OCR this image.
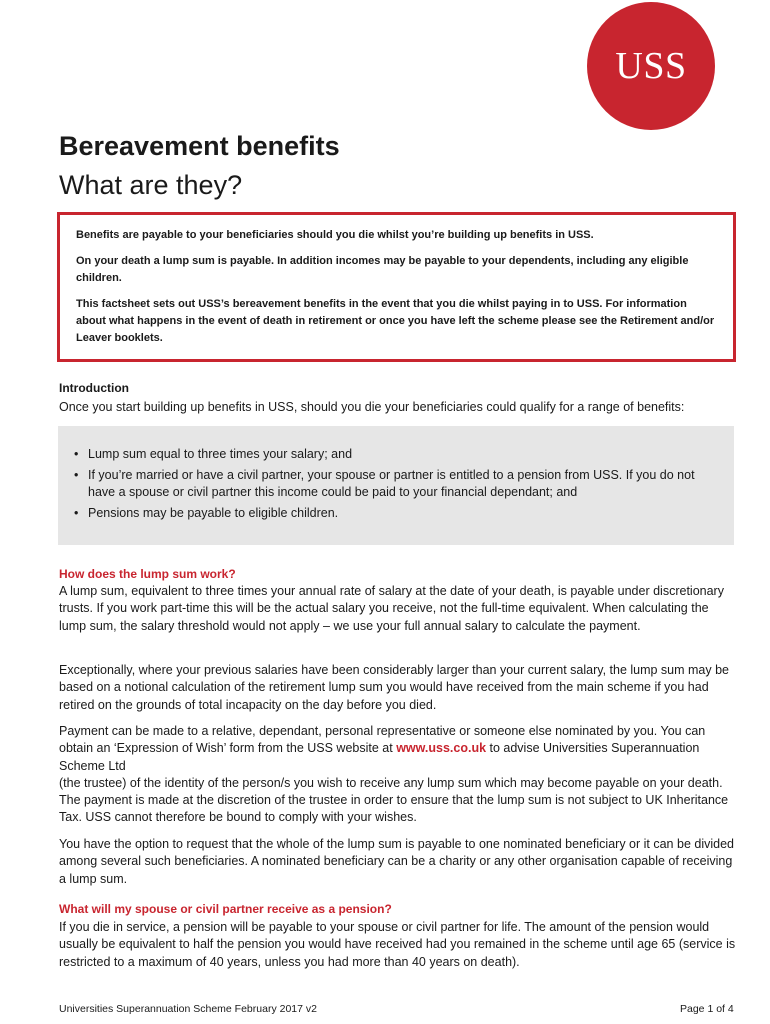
USS
Bereavement benefits
What are they?

Benefits are payable to your beneficiaries should you die whilst you’re building up benefits in USS.

On your death a lump sum is payable. In addition incomes may be payable to your dependents, including any eligible children.

This factsheet sets out USS’s bereavement benefits in the event that you die whilst paying in to USS. For information about what happens in the event of death in retirement or once you have left the scheme please see the Retirement and/or Leaver booklets.

Introduction

Once you start building up benefits in USS, should you die your beneficiaries could qualify for a range of benefits:

• Lump sum equal to three times your salary; and
• If you’re married or have a civil partner, your spouse or partner is entitled to a pension from USS. If you do not have a spouse or civil partner this income could be paid to your financial dependant; and
• Pensions may be payable to eligible children.
How does the lump sum work?

A lump sum, equivalent to three times your annual rate of salary at the date of your death, is payable under discretionary trusts. If you work part-time this will be the actual salary you receive, not the full-time equivalent. When calculating the lump sum, the salary threshold would not apply – we use your full annual salary to calculate the payment.

Exceptionally, where your previous salaries have been considerably larger than your current salary, the lump sum may be based on a notional calculation of the retirement lump sum you would have received from the main scheme if you had retired on the grounds of total incapacity on the day before you died.

Payment can be made to a relative, dependant, personal representative or someone else nominated by you. You can obtain an ‘Expression of Wish’ form from the USS website at www.uss.co.uk to advise Universities Superannuation Scheme Ltd
(the trustee) of the identity of the person/s you wish to receive any lump sum which may become payable on your death. The payment is made at the discretion of the trustee in order to ensure that the lump sum is not subject to UK Inheritance Tax. USS cannot therefore be bound to comply with your wishes.

You have the option to request that the whole of the lump sum is payable to one nominated beneficiary or it can be divided among several such beneficiaries. A nominated beneficiary can be a charity or any other organisation capable of receiving a lump sum.

What will my spouse or civil partner receive as a pension?

If you die in service, a pension will be payable to your spouse or civil partner for life. The amount of the pension would usually be equivalent to half the pension you would have received had you remained in the scheme until age 65 (service is restricted to a maximum of 40 years, unless you had more than 40 years on death).

Universities Superannuation Scheme February 2017 v2	Page 1 of 4
